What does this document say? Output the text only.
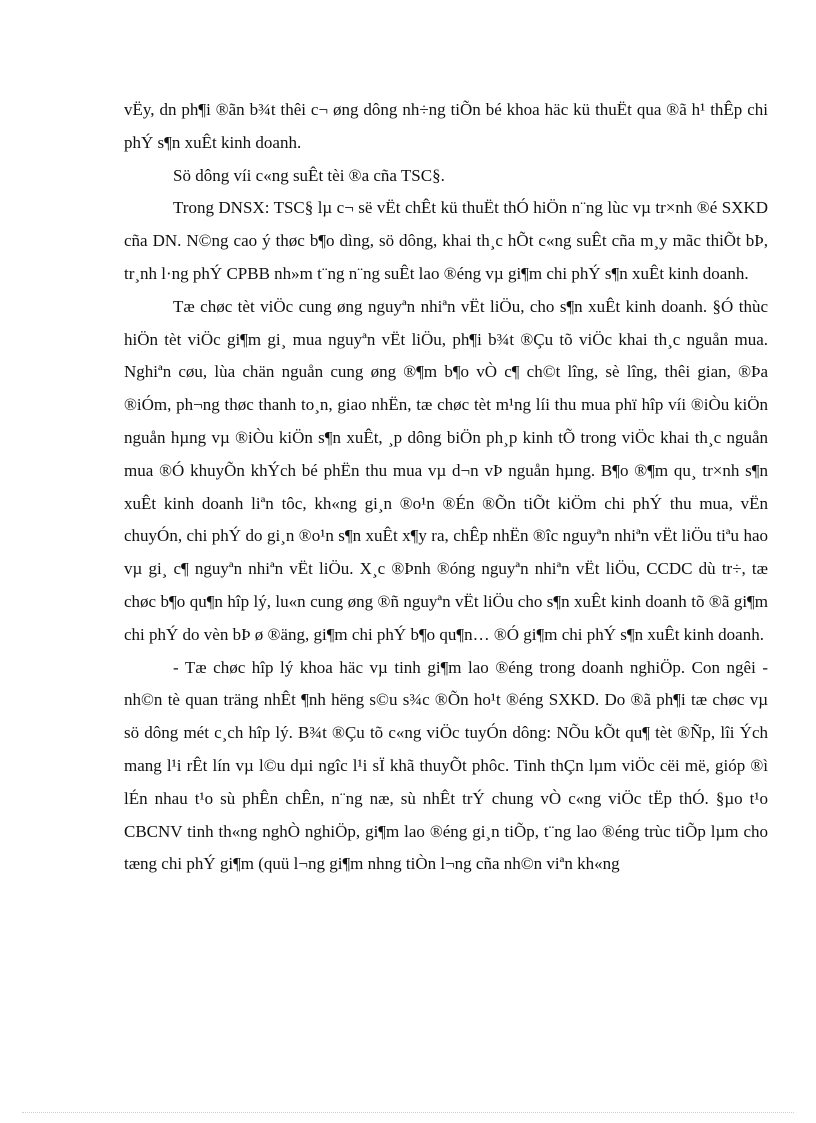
vËy, dn ph¶i ®ãn b¾t thêi c¬ øng dông nh÷ng tiÕn bé khoa häc kü thuËt qua ®ã h¹ thÊp chi phÝ s¶n xuÊt kinh doanh.

Sö dông víi c«ng suÊt tèi ®a cña TSC§.

Trong DNSX: TSC§ lµ c¬ së vËt chÊt kü thuËt thÓ hiÖn n¨ng lùc vµ tr×nh ®é SXKD cña DN. N©ng cao ý thøc b¶o dìng, sö dông, khai th¸c hÕt c«ng suÊt cña m¸y mãc thiÕt bÞ, tr¸nh l·ng phÝ CPBB nh»m t¨ng n¨ng suÊt lao ®éng vµ gi¶m chi phÝ s¶n xuÊt kinh doanh.

Tæ chøc tèt viÖc cung øng nguyªn nhiªn vËt liÖu, cho s¶n xuÊt kinh doanh. §Ó thùc hiÖn tèt viÖc gi¶m gi¸ mua nguyªn vËt liÖu, ph¶i b¾t ®Çu tõ viÖc khai th¸c nguån mua. Nghiªn cøu, lùa chän nguån cung øng ®¶m b¶o vÒ c¶ ch©t lîng, sè lîng, thêi gian, ®Þa ®iÓm, ph¬ng thøc thanh to¸n, giao nhËn, tæ chøc tèt m¹ng líi thu mua phï hîp víi ®iÒu kiÖn nguån hµng vµ ®iÒu kiÖn s¶n xuÊt, ¸p dông biÖn ph¸p kinh tÕ trong viÖc khai th¸c nguån mua ®Ó khuyÕn khÝch bé phËn thu mua vµ d¬n vÞ nguån hµng. B¶o ®¶m qu¸ tr×nh s¶n xuÊt kinh doanh liªn tôc, kh«ng gi¸n ®o¹n ®Én ®Õn tiÕt kiÖm chi phÝ thu mua, vËn chuyÓn, chi phÝ do gi¸n ®o¹n s¶n xuÊt x¶y ra, chÊp nhËn ®îc nguyªn nhiªn vËt liÖu tiªu hao vµ gi¸ c¶ nguyªn nhiªn vËt liÖu. X¸c ®Þnh ®óng nguyªn nhiªn vËt liÖu, CCDC dù tr÷, tæ chøc b¶o qu¶n hîp lý, lu«n cung øng ®ñ nguyªn vËt liÖu cho s¶n xuÊt kinh doanh tõ ®ã gi¶m chi phÝ do vèn bÞ ø ®äng, gi¶m chi phÝ b¶o qu¶n… ®Ó gi¶m chi phÝ s¶n xuÊt kinh doanh.

- Tæ chøc hîp lý khoa häc vµ tinh gi¶m lao ®éng trong doanh nghiÖp. Con ngêi - nh©n tè quan träng nhÊt ¶nh hëng s©u s¾c ®Õn ho¹t ®éng SXKD. Do ®ã ph¶i tæ chøc vµ sö dông mét c¸ch hîp lý. B¾t ®Çu tõ c«ng viÖc tuyÓn dông: NÕu kÕt qu¶ tèt ®Ñp, lîi Ých mang l¹i rÊt lín vµ l©u dµi ngîc l¹i sÏ khã thuyÕt phôc. Tinh thÇn lµm viÖc cëi më, gióp ®ì lÉn nhau t¹o sù phÊn chÊn, n¨ng næ, sù nhÊt trÝ chung vÒ c«ng viÖc tËp thÓ. §µo t¹o CBCNV tinh th«ng nghÒ nghiÖp, gi¶m lao ®éng gi¸n tiÕp, t¨ng lao ®éng trùc tiÕp lµm cho tæng chi phÝ gi¶m (quü l¬ng gi¶m nhng tiÒn l¬ng cña nh©n viªn kh«ng
